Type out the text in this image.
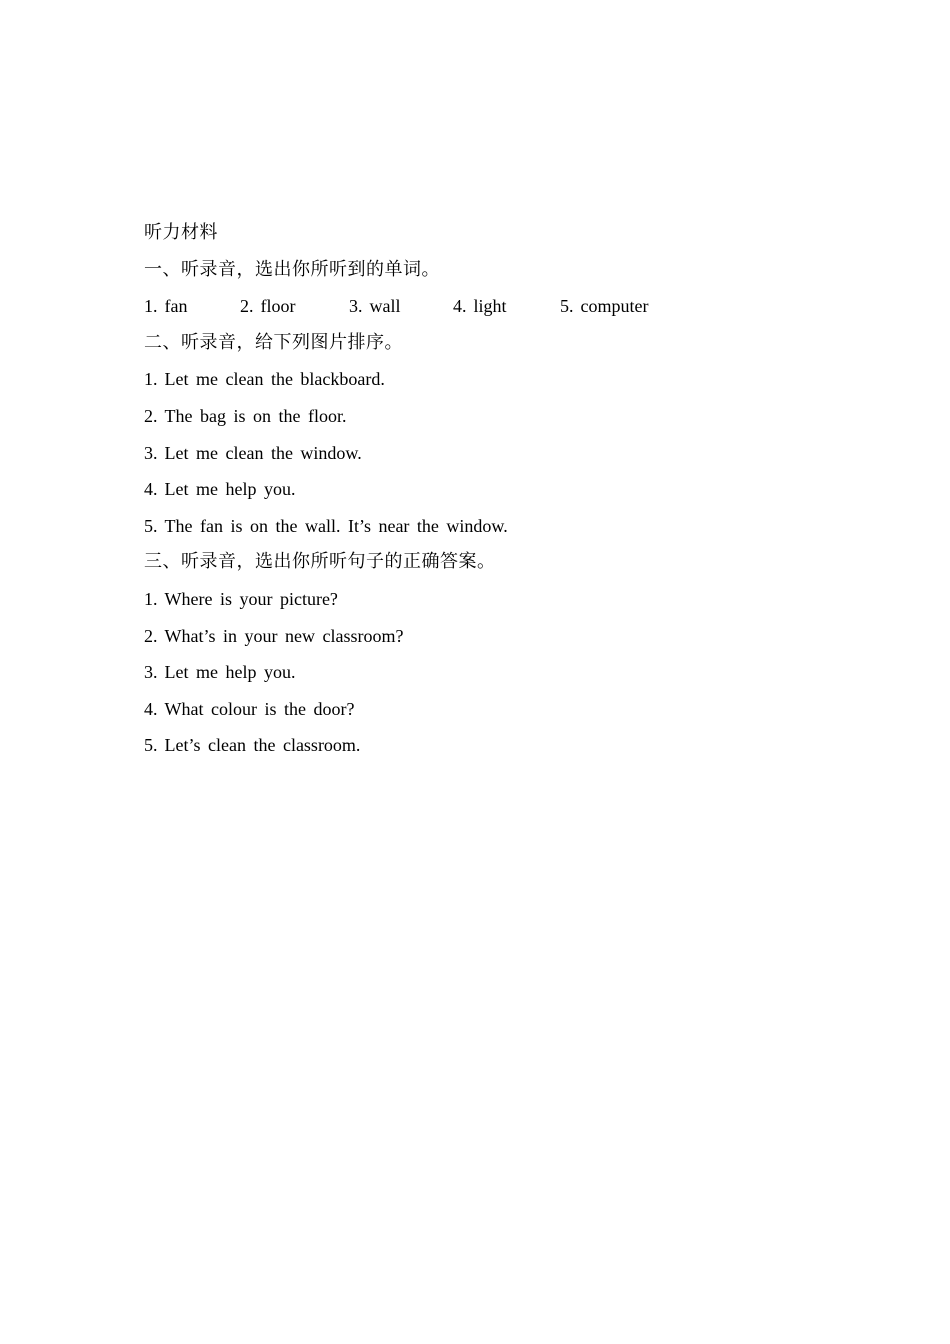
听力材料
一、听录音，选出你所听到的单词。
1. fan	2. floor	3. wall	4. light	5. computer
二、听录音，给下列图片排序。
1. Let me clean the blackboard.
2. The bag is on the floor.
3. Let me clean the window.
4. Let me help you.
5. The fan is on the wall. It’s near the window.
三、听录音，选出你所听句子的正确答案。
1. Where is your picture?
2. What’s in your new classroom?
3. Let me help you.
4. What colour is the door?
5. Let’s clean the classroom.
